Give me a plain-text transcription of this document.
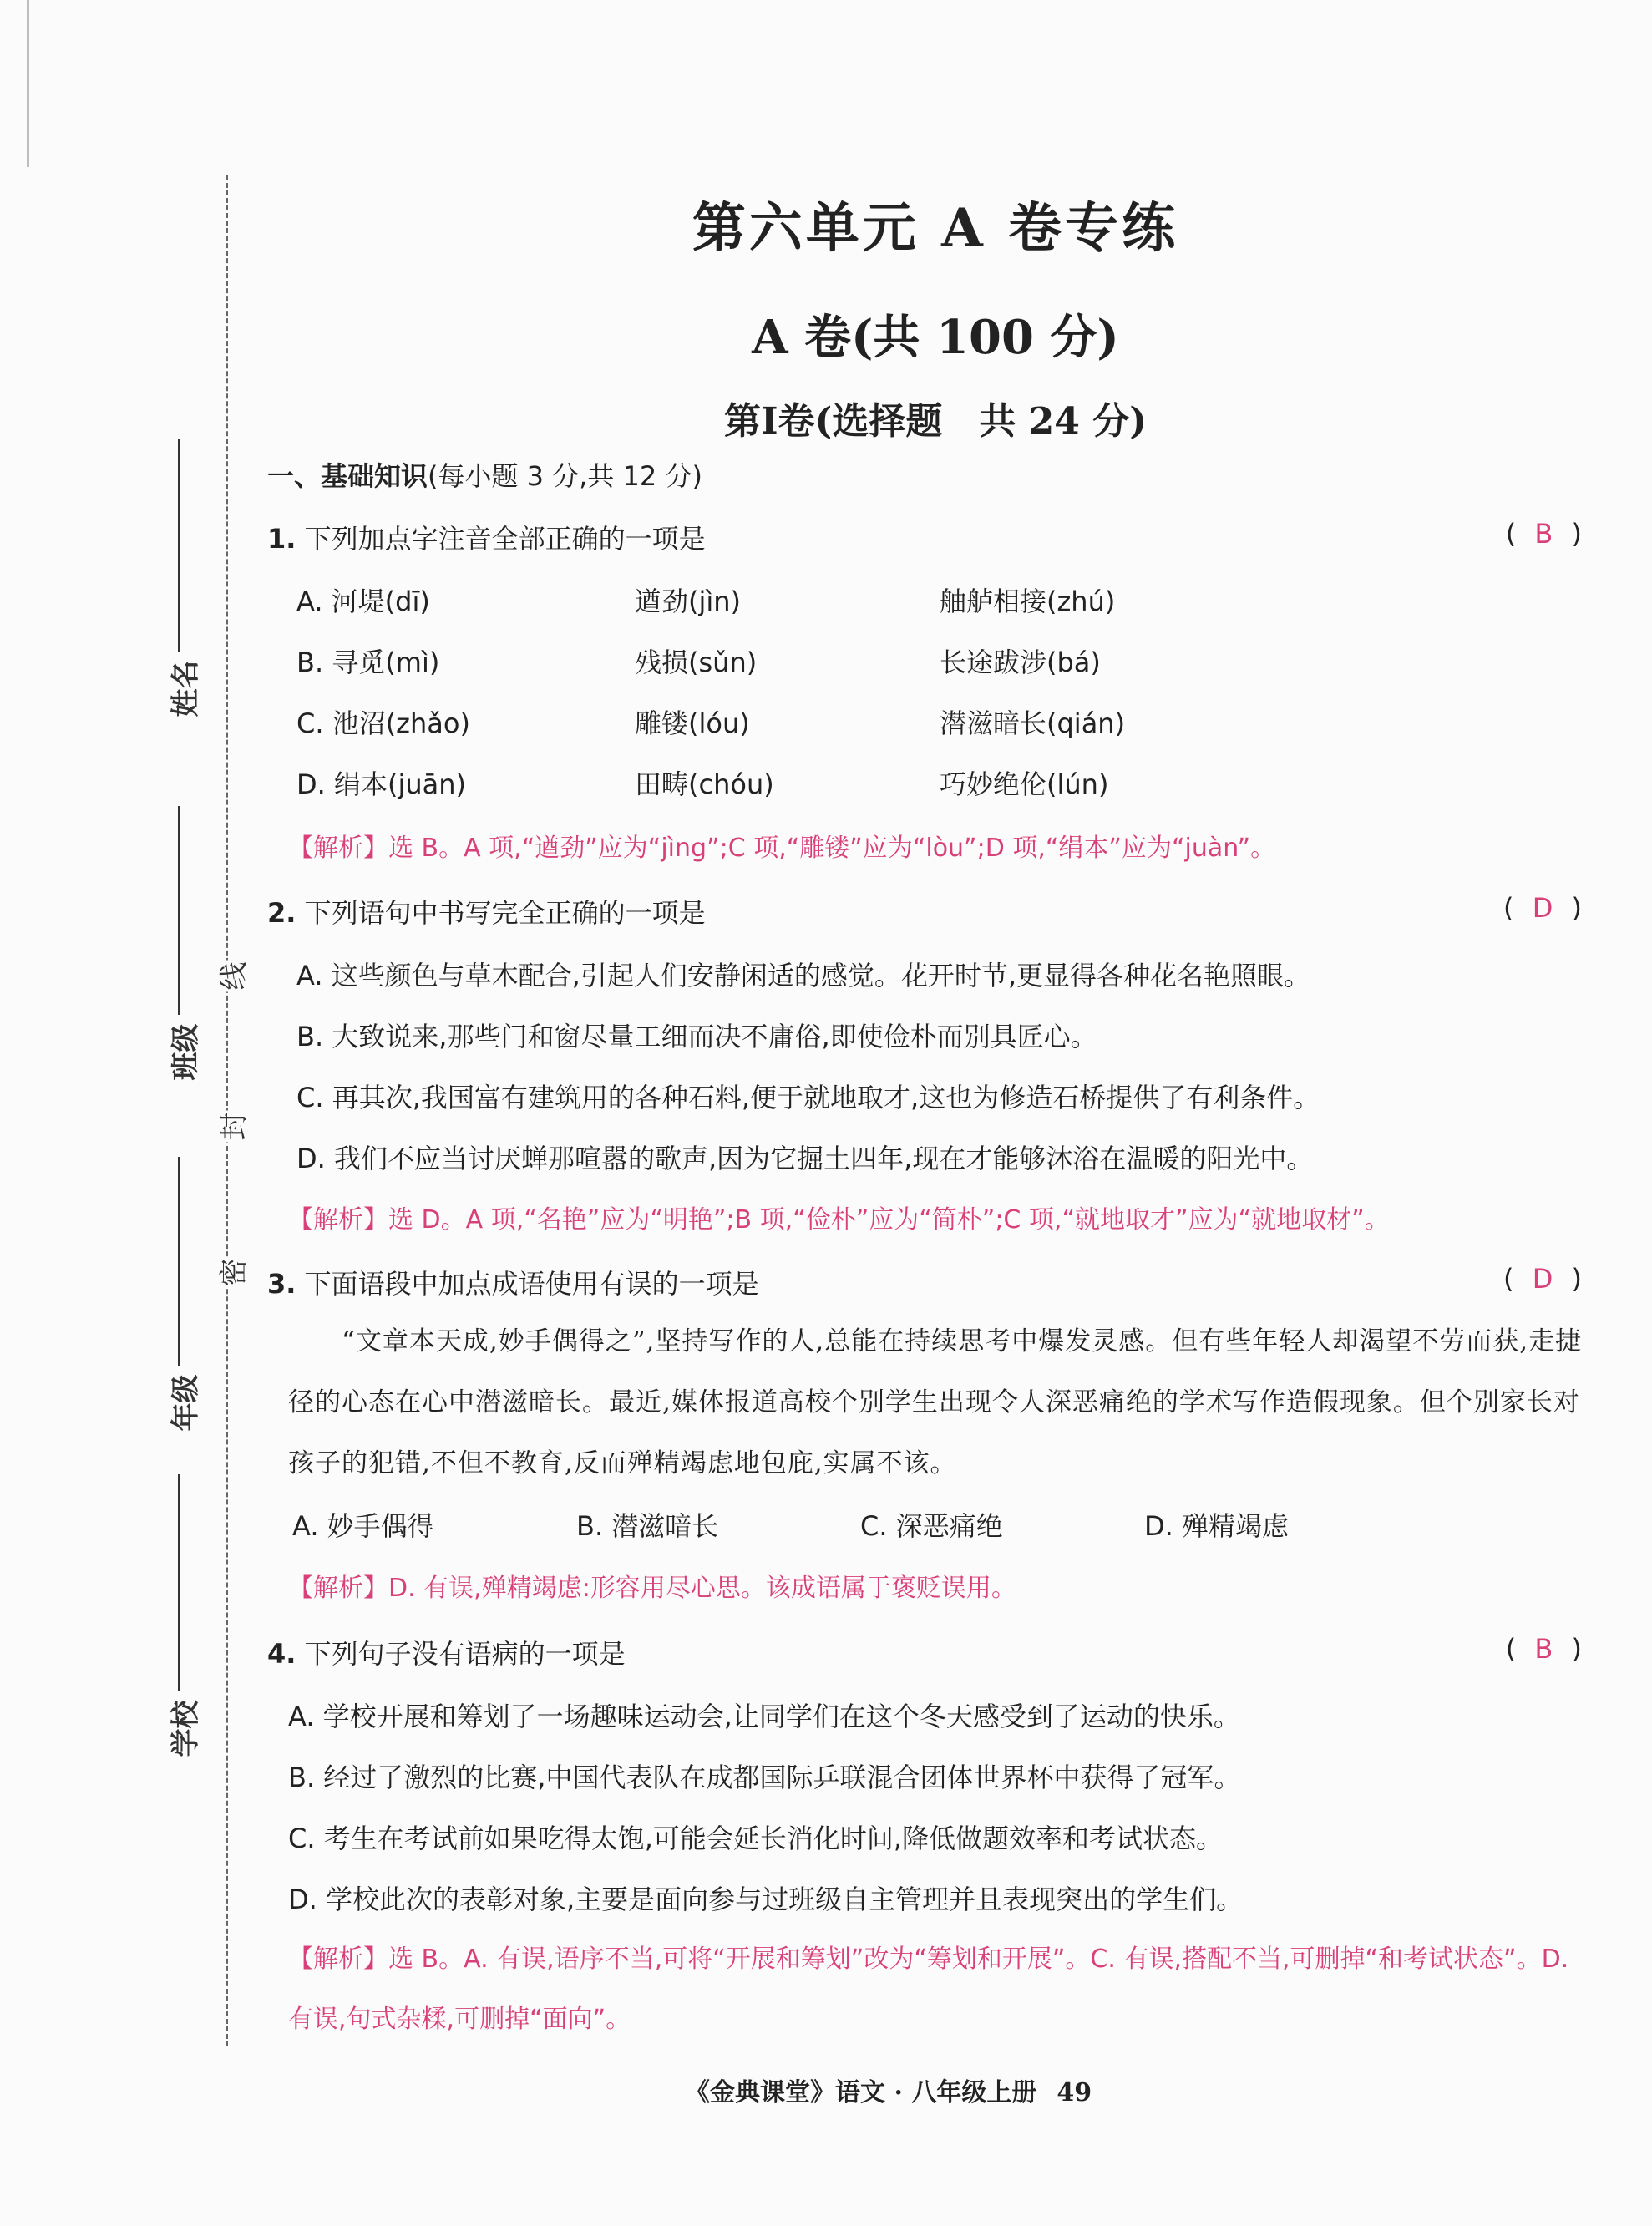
姓名
班级
年级
学校
线
封
密
第六单元 A 卷专练
A 卷(共 100 分)
第Ⅰ卷(选择题　共 24 分)
一、基础知识(每小题 3 分,共 12 分)
1. 下列加点字注音全部正确的一项是	( B )
A. 河堤(dī)	遒劲(jìn)	舳舻相接(zhú)
B. 寻觅(mì)	残损(sǔn)	长途跋涉(bá)
C. 池沼(zhǎo)	雕镂(lóu)	潜滋暗长(qián)
D. 绢本(juān)	田畴(chóu)	巧妙绝伦(lún)
【解析】选 B。A 项,“遒劲”应为“jìng”;C 项,“雕镂”应为“lòu”;D 项,“绢本”应为“juàn”。
2. 下列语句中书写完全正确的一项是	( D )
A. 这些颜色与草木配合,引起人们安静闲适的感觉。花开时节,更显得各种花名艳照眼。
B. 大致说来,那些门和窗尽量工细而决不庸俗,即使俭朴而别具匠心。
C. 再其次,我国富有建筑用的各种石料,便于就地取才,这也为修造石桥提供了有利条件。
D. 我们不应当讨厌蝉那喧嚣的歌声,因为它掘土四年,现在才能够沐浴在温暖的阳光中。
【解析】选 D。A 项,“名艳”应为“明艳”;B 项,“俭朴”应为“简朴”;C 项,“就地取才”应为“就地取材”。
3. 下面语段中加点成语使用有误的一项是	( D )
“文章本天成,妙手偶得之”,坚持写作的人,总能在持续思考中爆发灵感。但有些年轻人却渴望不劳而获,走捷径的心态在心中潜滋暗长。最近,媒体报道高校个别学生出现令人深恶痛绝的学术写作造假现象。但个别家长对孩子的犯错,不但不教育,反而殚精竭虑地包庇,实属不该。
A. 妙手偶得	B. 潜滋暗长	C. 深恶痛绝	D. 殚精竭虑
【解析】D. 有误,殚精竭虑:形容用尽心思。该成语属于褒贬误用。
4. 下列句子没有语病的一项是	( B )
A. 学校开展和筹划了一场趣味运动会,让同学们在这个冬天感受到了运动的快乐。
B. 经过了激烈的比赛,中国代表队在成都国际乒联混合团体世界杯中获得了冠军。
C. 考生在考试前如果吃得太饱,可能会延长消化时间,降低做题效率和考试状态。
D. 学校此次的表彰对象,主要是面向参与过班级自主管理并且表现突出的学生们。
【解析】选 B。A. 有误,语序不当,可将“开展和筹划”改为“筹划和开展”。C. 有误,搭配不当,可删掉“和考试状态”。D. 有误,句式杂糅,可删掉“面向”。
《金典课堂》语文 · 八年级上册 49
